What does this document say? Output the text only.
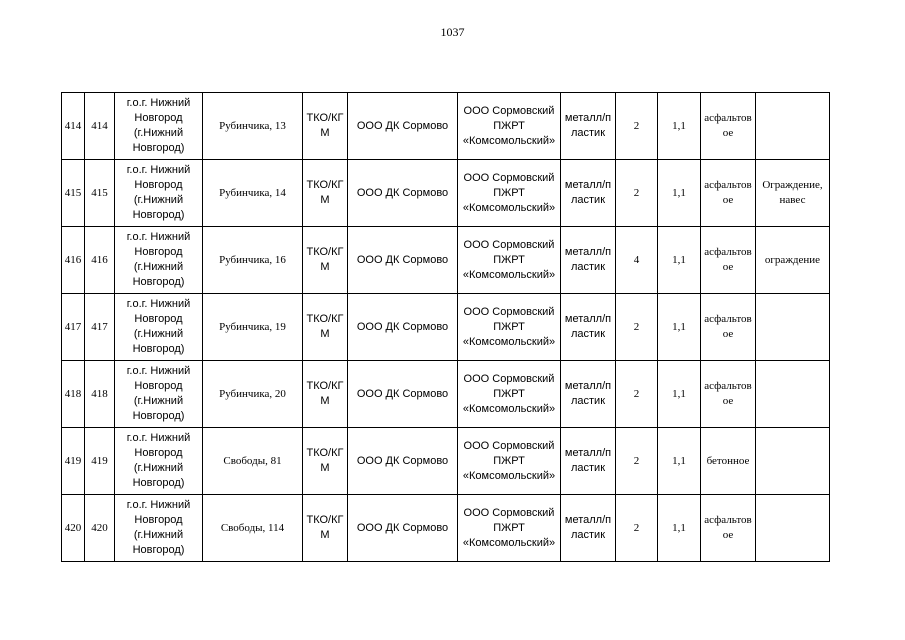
1037
414	414	г.о.г. Нижний Новгород (г.Нижний Новгород)	Рубинчика, 13	ТКО/КГМ	ООО ДК Сормово	ООО Сормовский ПЖРТ «Комсомольский»	металл/пластик	2	1,1	асфальтовое	
415	415	г.о.г. Нижний Новгород (г.Нижний Новгород)	Рубинчика, 14	ТКО/КГМ	ООО ДК Сормово	ООО Сормовский ПЖРТ «Комсомольский»	металл/пластик	2	1,1	асфальтовое	Ограждение, навес
416	416	г.о.г. Нижний Новгород (г.Нижний Новгород)	Рубинчика, 16	ТКО/КГМ	ООО ДК Сормово	ООО Сормовский ПЖРТ «Комсомольский»	металл/пластик	4	1,1	асфальтовое	ограждение
417	417	г.о.г. Нижний Новгород (г.Нижний Новгород)	Рубинчика, 19	ТКО/КГМ	ООО ДК Сормово	ООО Сормовский ПЖРТ «Комсомольский»	металл/пластик	2	1,1	асфальтовое	
418	418	г.о.г. Нижний Новгород (г.Нижний Новгород)	Рубинчика, 20	ТКО/КГМ	ООО ДК Сормово	ООО Сормовский ПЖРТ «Комсомольский»	металл/пластик	2	1,1	асфальтовое	
419	419	г.о.г. Нижний Новгород (г.Нижний Новгород)	Свободы, 81	ТКО/КГМ	ООО ДК Сормово	ООО Сормовский ПЖРТ «Комсомольский»	металл/пластик	2	1,1	бетонное	
420	420	г.о.г. Нижний Новгород (г.Нижний Новгород)	Свободы, 114	ТКО/КГМ	ООО ДК Сормово	ООО Сормовский ПЖРТ «Комсомольский»	металл/пластик	2	1,1	асфальтовое	
